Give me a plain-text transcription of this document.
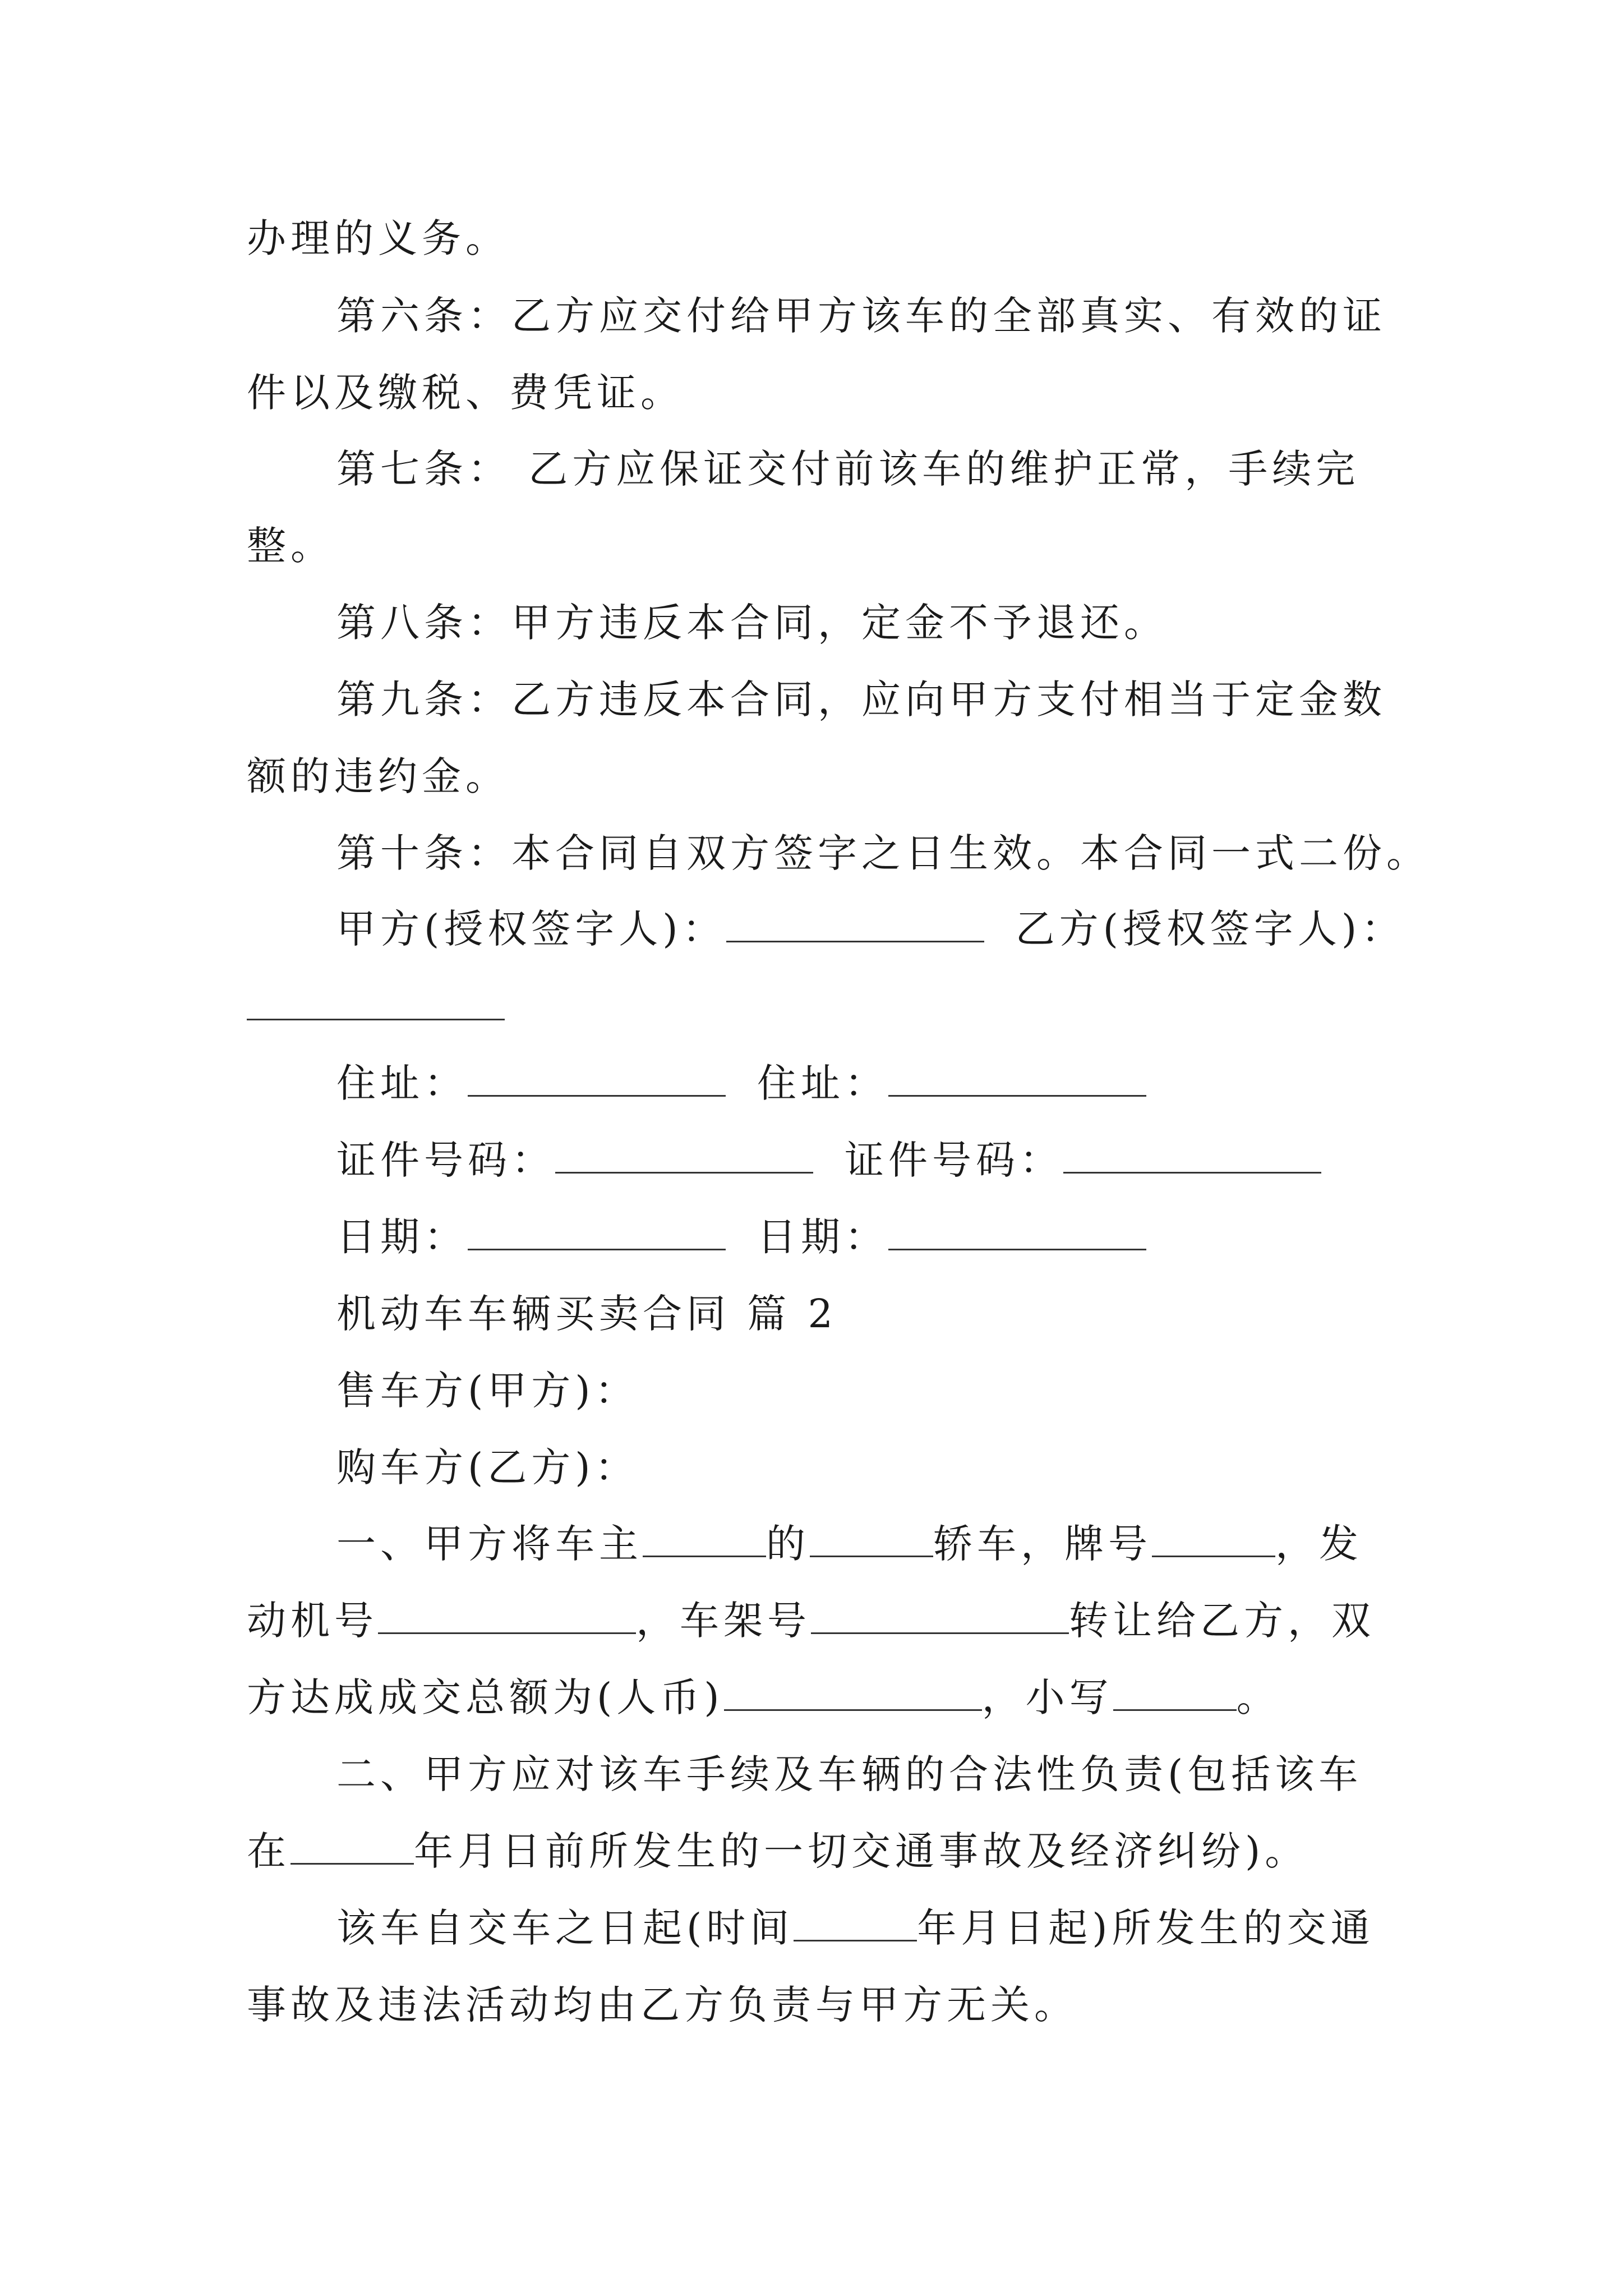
办理的义务。
第六条：乙方应交付给甲方该车的全部真实、有效的证
件以及缴税、费凭证。
第七条： 乙方应保证交付前该车的维护正常，手续完
整。
第八条：甲方违反本合同，定金不予退还。
第九条：乙方违反本合同，应向甲方支付相当于定金数
额的违约金。
第十条：本合同自双方签字之日生效。本合同一式二份。
甲方(授权签字人)：	乙方(授权签字人)：
住址：	住址：
证件号码：	证件号码：
日期：	日期：
机动车车辆买卖合同 篇 2
售车方(甲方)：
购车方(乙方)：
一、甲方将车主	的	轿车，牌号	，发
动机号	，车架号	转让给乙方，双
方达成成交总额为(人币)	，小写	。
二、甲方应对该车手续及车辆的合法性负责(包括该车
在	年月日前所发生的一切交通事故及经济纠纷)。
该车自交车之日起(时间	年月日起)所发生的交通
事故及违法活动均由乙方负责与甲方无关。
